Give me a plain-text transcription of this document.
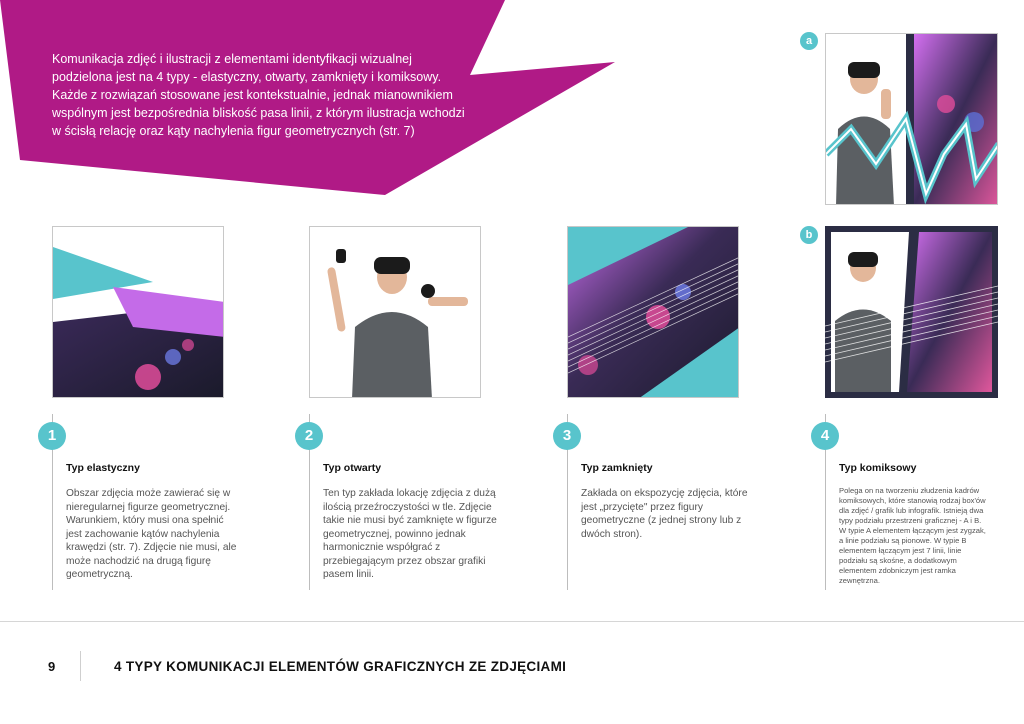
Komunikacja zdjęć i ilustracji z elementami identyfikacji wizualnej podzielona jest na 4 typy - elastyczny, otwarty, zamknięty i komiksowy. Każde z rozwiązań stosowane jest kontekstualnie, jednak mianownikiem wspólnym jest bezpośrednia bliskość pasa linii, z którym ilustracja wchodzi w ścisłą relację oraz kąty nachylenia figur geometrycznych (str. 7)
a
b
1
Typ elastyczny
Obszar zdjęcia może zawierać się w nieregularnej figurze geometrycznej. Warunkiem, który musi ona spełnić jest zachowanie kątów nachylenia krawędzi (str. 7). Zdjęcie nie musi, ale może nachodzić na drugą figurę geometryczną.
2
Typ otwarty
Ten typ zakłada lokację zdjęcia z dużą ilością przeźroczystości w tle. Zdjęcie takie nie musi być zamknięte w figurze geometrycznej, powinno jednak harmonicznie współgrać z przebiegającym przez obszar grafiki pasem linii.
3
Typ zamknięty
Zakłada on ekspozycję zdjęcia, które jest „przycięte" przez figury geometryczne (z jednej strony lub z dwóch stron).
4
Typ komiksowy
Polega on na tworzeniu złudzenia kadrów komiksowych, które stanowią rodzaj box'ów dla zdjęć / grafik lub infografik. Istnieją dwa typy podziału przestrzeni graficznej - A i B. W typie A elementem łączącym jest zygzak, a linie podziału są pionowe. W typie B elementem łączącym jest 7 linii, linie podziału są skośne, a dodatkowym elementem zdobniczym jest ramka zewnętrzna.
9	4 TYPY KOMUNIKACJI ELEMENTÓW GRAFICZNYCH ZE ZDJĘCIAMI
